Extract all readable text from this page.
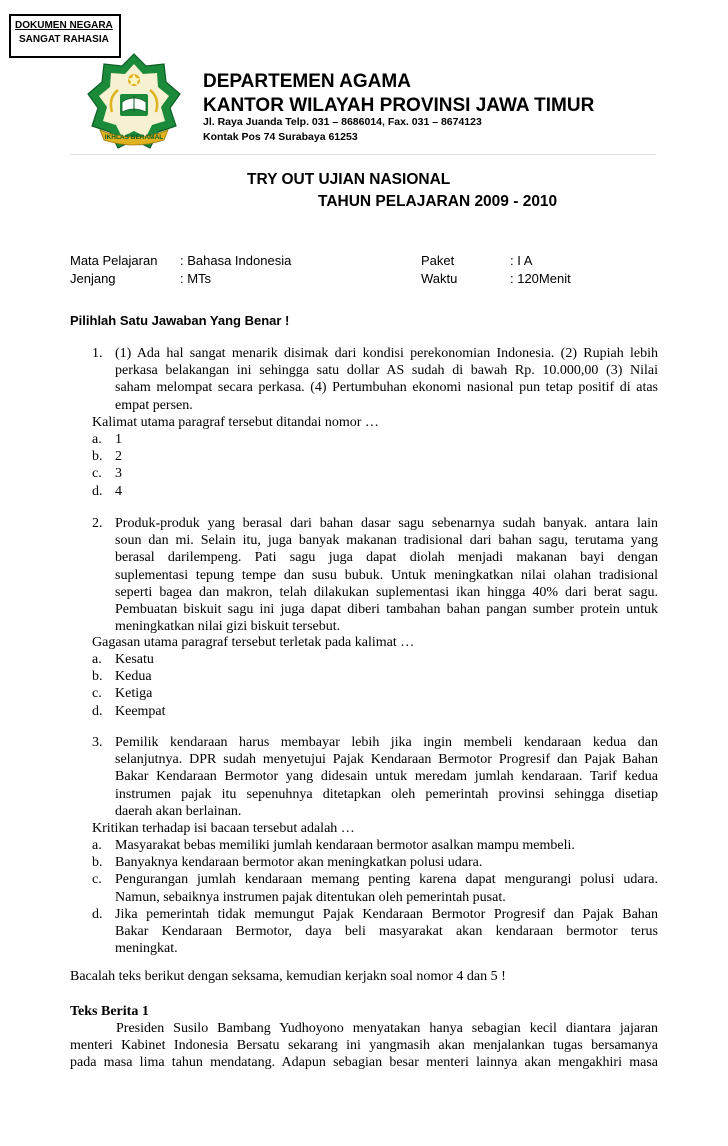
DOKUMEN NEGARA
SANGAT RAHASIA
IKHLAS BERAMAL
DEPARTEMEN AGAMA
KANTOR WILAYAH PROVINSI JAWA TIMUR
Jl. Raya Juanda Telp. 031 – 8686014, Fax. 031 – 8674123
Kontak Pos 74 Surabaya 61253
TRY OUT UJIAN NASIONAL
TAHUN PELAJARAN 2009 - 2010
Mata Pelajaran : Bahasa Indonesia	Paket	: I A
Jenjang	: MTs	Waktu	: 120Menit
Pilihlah Satu Jawaban Yang Benar !
1. (1) Ada hal sangat menarik disimak dari kondisi perekonomian Indonesia. (2) Rupiah lebih
perkasa belakangan ini sehingga satu dollar AS sudah di bawah Rp. 10.000,00 (3) Nilai
saham melompat secara perkasa. (4) Pertumbuhan ekonomi nasional pun tetap positif di atas
empat persen.
Kalimat utama paragraf tersebut ditandai nomor …
a. 1
b. 2
c. 3
d. 4
2. Produk-produk yang berasal dari bahan dasar sagu sebenarnya sudah banyak. antara lain
soun dan mi. Selain itu, juga banyak makanan tradisional dari bahan sagu, terutama yang
berasal darilempeng. Pati sagu juga dapat diolah menjadi makanan bayi dengan
suplementasi tepung tempe dan susu bubuk. Untuk meningkatkan nilai olahan tradisional
seperti bagea dan makron, telah dilakukan suplementasi ikan hingga 40% dari berat sagu.
Pembuatan biskuit sagu ini juga dapat diberi tambahan bahan pangan sumber protein untuk
meningkatkan nilai gizi biskuit tersebut.
Gagasan utama paragraf tersebut terletak pada kalimat …
a. Kesatu
b. Kedua
c. Ketiga
d. Keempat
3. Pemilik kendaraan harus membayar lebih jika ingin membeli kendaraan kedua dan
selanjutnya. DPR sudah menyetujui Pajak Kendaraan Bermotor Progresif dan Pajak Bahan
Bakar Kendaraan Bermotor yang didesain untuk meredam jumlah kendaraan. Tarif kedua
instrumen pajak itu sepenuhnya ditetapkan oleh pemerintah provinsi sehingga disetiap
daerah akan berlainan.
Kritikan terhadap isi bacaan tersebut adalah …
a. Masyarakat bebas memiliki jumlah kendaraan bermotor asalkan mampu membeli.
b. Banyaknya kendaraan bermotor akan meningkatkan polusi udara.
c. Pengurangan jumlah kendaraan memang penting karena dapat mengurangi polusi udara.
Namun, sebaiknya instrumen pajak ditentukan oleh pemerintah pusat.
d. Jika pemerintah tidak memungut Pajak Kendaraan Bermotor Progresif dan Pajak Bahan
Bakar Kendaraan Bermotor, daya beli masyarakat akan kendaraan bermotor terus
meningkat.
Bacalah teks berikut dengan seksama, kemudian kerjakn soal nomor 4 dan 5 !
Teks Berita 1
Presiden Susilo Bambang Yudhoyono menyatakan hanya sebagian kecil diantara jajaran
menteri Kabinet Indonesia Bersatu sekarang ini yangmasih akan menjalankan tugas bersamanya
pada masa lima tahun mendatang. Adapun sebagian besar menteri lainnya akan mengakhiri masa
